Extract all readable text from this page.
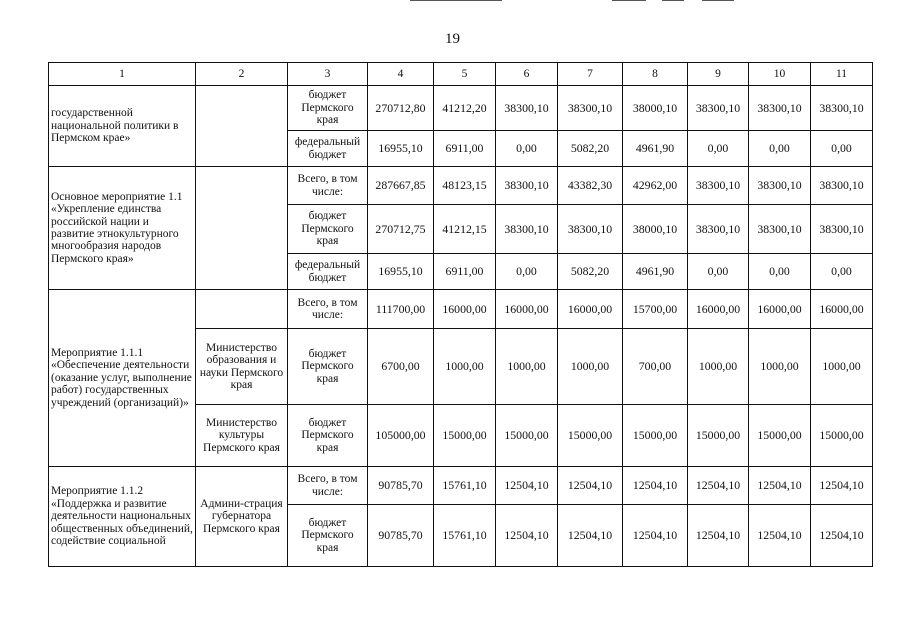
19
1	2	3	4	5	6	7	8	9	10	11
государственной национальной политики в Пермском крае»		бюджет Пермского края	270712,80	41212,20	38300,10	38300,10	38000,10	38300,10	38300,10	38300,10
		федеральный бюджет	16955,10	6911,00	0,00	5082,20	4961,90	0,00	0,00	0,00
Основное мероприятие 1.1 «Укрепление единства российской нации и развитие этнокультурного многообразия народов Пермского края»		Всего, в том числе:	287667,85	48123,15	38300,10	43382,30	42962,00	38300,10	38300,10	38300,10
		бюджет Пермского края	270712,75	41212,15	38300,10	38300,10	38000,10	38300,10	38300,10	38300,10
		федеральный бюджет	16955,10	6911,00	0,00	5082,20	4961,90	0,00	0,00	0,00
Мероприятие 1.1.1 «Обеспечение деятельности (оказание услуг, выполнение работ) государственных учреждений (организаций)»		Всего, в том числе:	111700,00	16000,00	16000,00	16000,00	15700,00	16000,00	16000,00	16000,00
	Министерство образования и науки Пермского края	бюджет Пермского края	6700,00	1000,00	1000,00	1000,00	700,00	1000,00	1000,00	1000,00
	Министерство культуры Пермского края	бюджет Пермского края	105000,00	15000,00	15000,00	15000,00	15000,00	15000,00	15000,00	15000,00
Мероприятие 1.1.2 «Поддержка и развитие деятельности национальных общественных объединений, содействие социальной	Админи-страция губернатора Пермского края	Всего, в том числе:	90785,70	15761,10	12504,10	12504,10	12504,10	12504,10	12504,10	12504,10
		бюджет Пермского края	90785,70	15761,10	12504,10	12504,10	12504,10	12504,10	12504,10	12504,10
